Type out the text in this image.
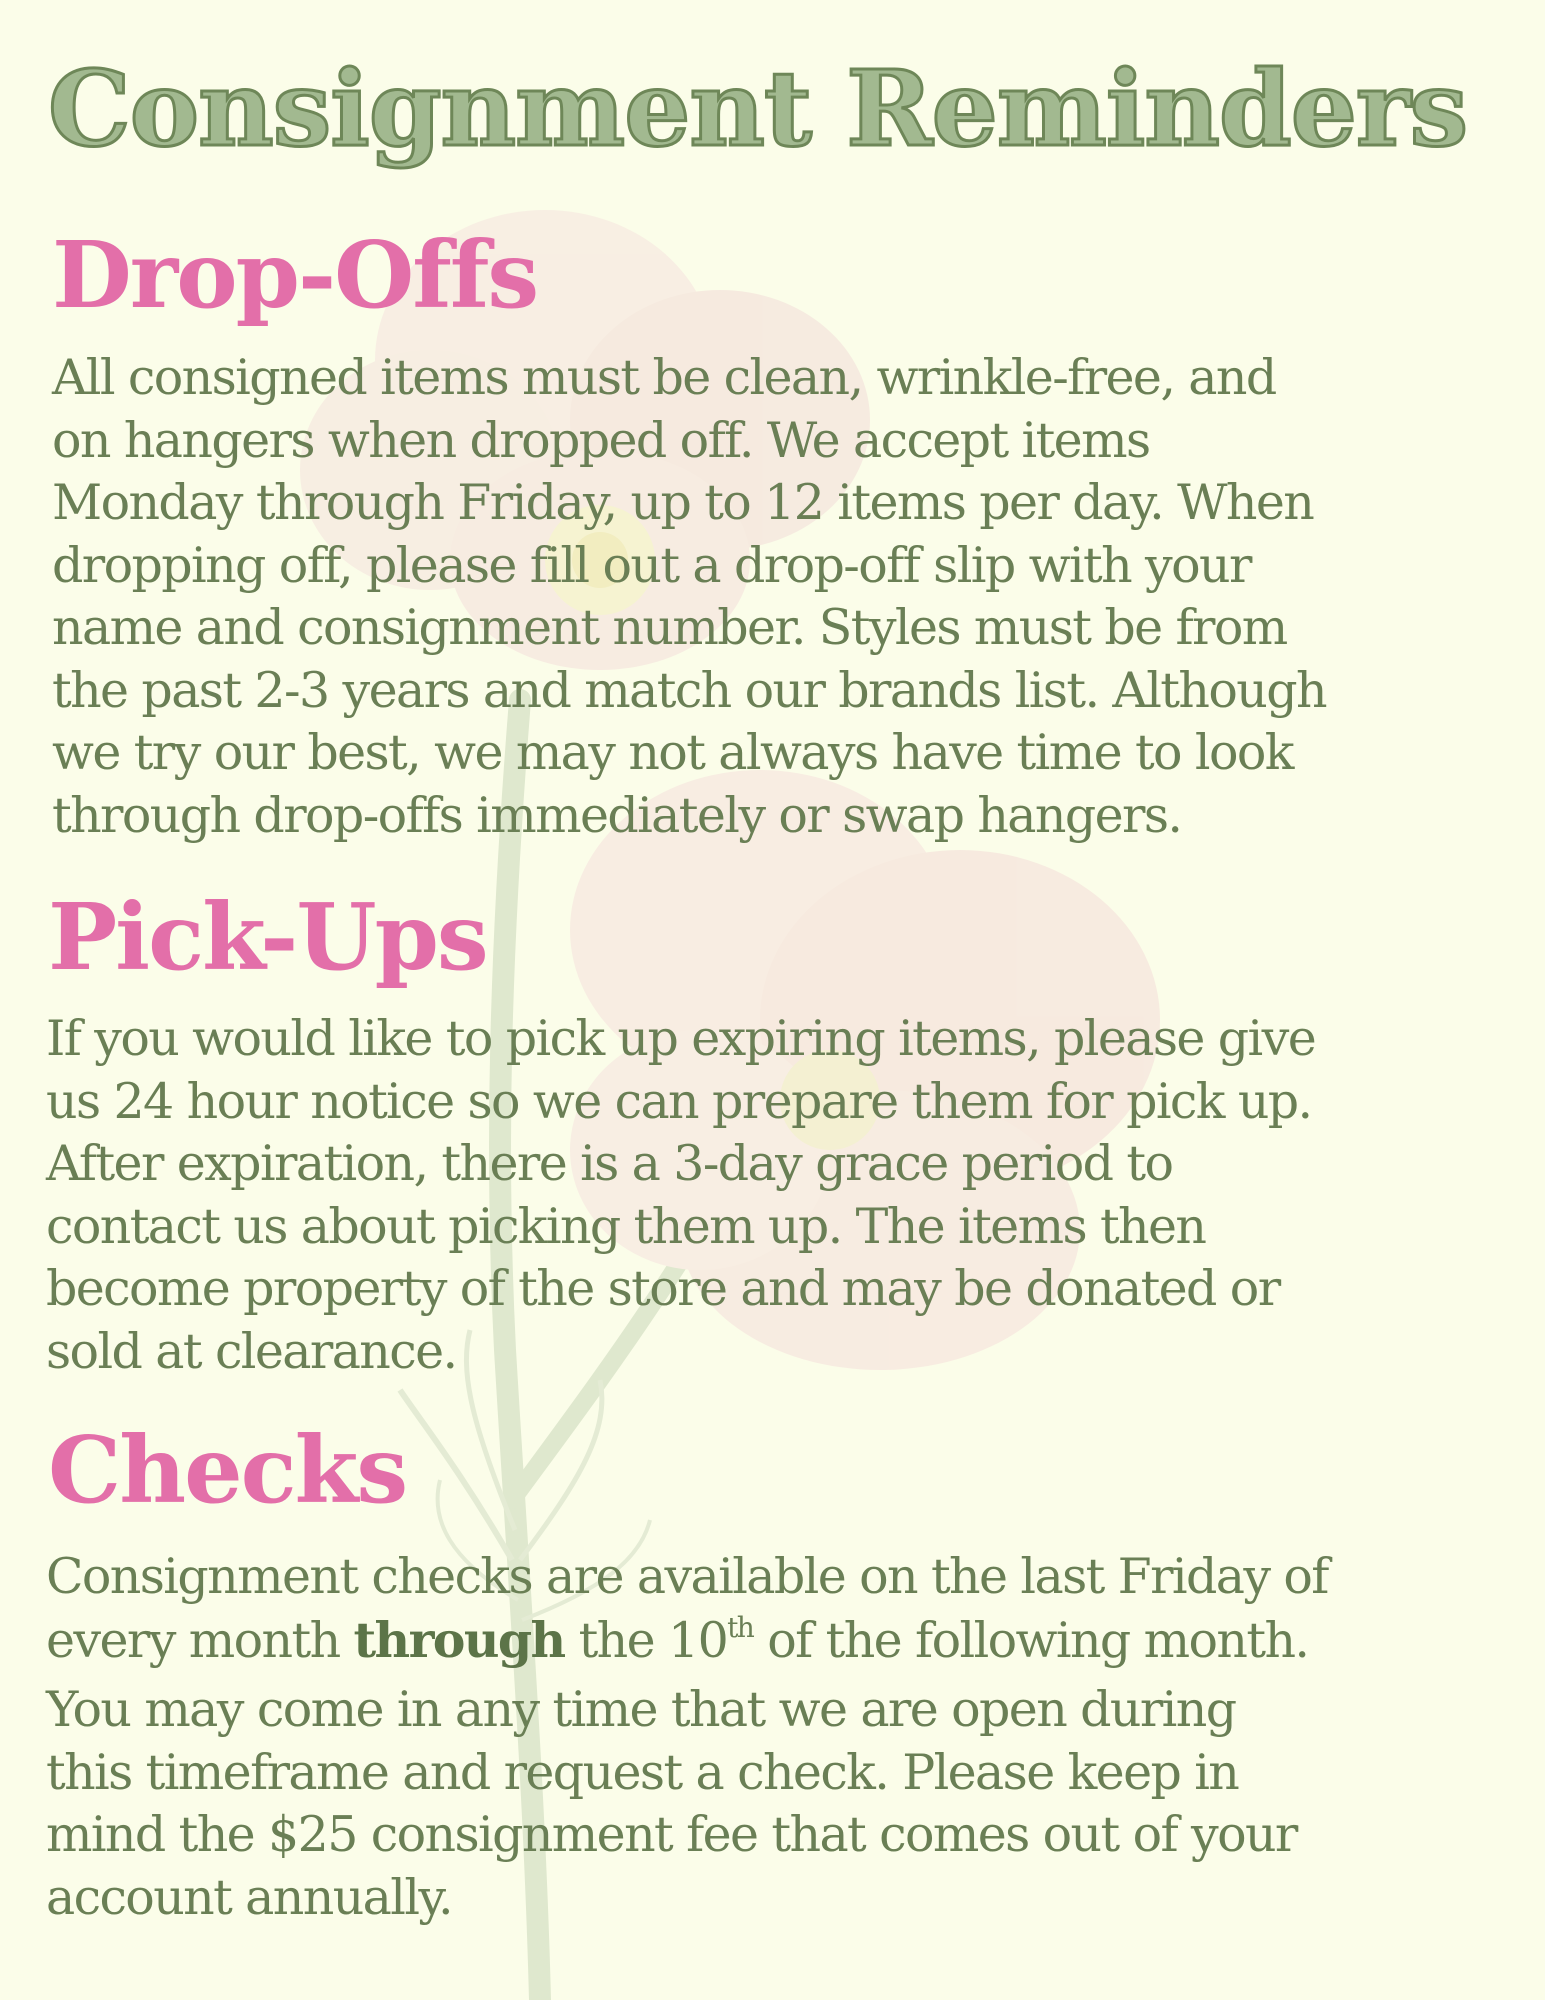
Consignment Reminders
Drop-Offs
All consigned items must be clean, wrinkle-free, and
on hangers when dropped off. We accept items
Monday through Friday, up to 12 items per day. When
dropping off, please fill out a drop-off slip with your
name and consignment number. Styles must be from
the past 2-3 years and match our brands list. Although
we try our best, we may not always have time to look
through drop-offs immediately or swap hangers.
Pick-Ups
If you would like to pick up expiring items, please give
us 24 hour notice so we can prepare them for pick up.
After expiration, there is a 3-day grace period to
contact us about picking them up. The items then
become property of the store and may be donated or
sold at clearance.
Checks
Consignment checks are available on the last Friday of
every month through the 10th of the following month.
You may come in any time that we are open during
this timeframe and request a check. Please keep in
mind the $25 consignment fee that comes out of your
account annually.
